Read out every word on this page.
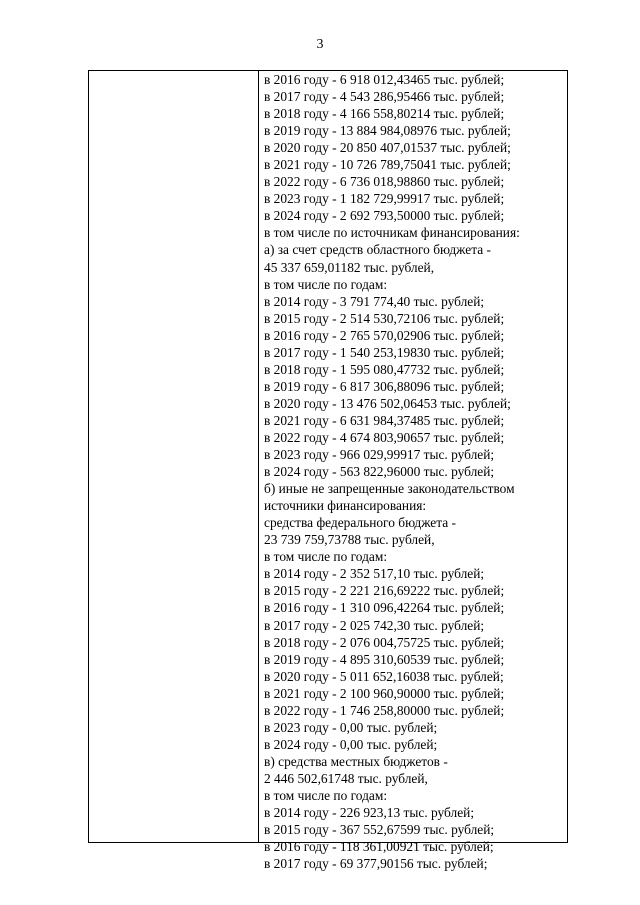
3
в 2016 году - 6 918 012,43465 тыс. рублей;
в 2017 году - 4 543 286,95466 тыс. рублей;
в 2018 году - 4 166 558,80214 тыс. рублей;
в 2019 году - 13 884 984,08976 тыс. рублей;
в 2020 году - 20 850 407,01537 тыс. рублей;
в 2021 году - 10 726 789,75041 тыс. рублей;
в 2022 году - 6 736 018,98860 тыс. рублей;
в 2023 году - 1 182 729,99917 тыс. рублей;
в 2024 году - 2 692 793,50000 тыс. рублей;
в том числе по источникам финансирования:
а) за счет средств областного бюджета -
45 337 659,01182 тыс. рублей,
в том числе по годам:
в 2014 году - 3 791 774,40 тыс. рублей;
в 2015 году - 2 514 530,72106 тыс. рублей;
в 2016 году - 2 765 570,02906 тыс. рублей;
в 2017 году - 1 540 253,19830 тыс. рублей;
в 2018 году - 1 595 080,47732 тыс. рублей;
в 2019 году - 6 817 306,88096 тыс. рублей;
в 2020 году - 13 476 502,06453 тыс. рублей;
в 2021 году - 6 631 984,37485 тыс. рублей;
в 2022 году - 4 674 803,90657 тыс. рублей;
в 2023 году - 966 029,99917 тыс. рублей;
в 2024 году - 563 822,96000 тыс. рублей;
б) иные не запрещенные законодательством
источники финансирования:
средства федерального бюджета -
23 739 759,73788 тыс. рублей,
в том числе по годам:
в 2014 году - 2 352 517,10 тыс. рублей;
в 2015 году - 2 221 216,69222 тыс. рублей;
в 2016 году - 1 310 096,42264 тыс. рублей;
в 2017 году - 2 025 742,30 тыс. рублей;
в 2018 году - 2 076 004,75725 тыс. рублей;
в 2019 году - 4 895 310,60539 тыс. рублей;
в 2020 году - 5 011 652,16038 тыс. рублей;
в 2021 году - 2 100 960,90000 тыс. рублей;
в 2022 году - 1 746 258,80000 тыс. рублей;
в 2023 году - 0,00 тыс. рублей;
в 2024 году - 0,00 тыс. рублей;
в) средства местных бюджетов -
2 446 502,61748 тыс. рублей,
в том числе по годам:
в 2014 году - 226 923,13 тыс. рублей;
в 2015 году - 367 552,67599 тыс. рублей;
в 2016 году - 118 361,00921 тыс. рублей;
в 2017 году - 69 377,90156 тыс. рублей;
